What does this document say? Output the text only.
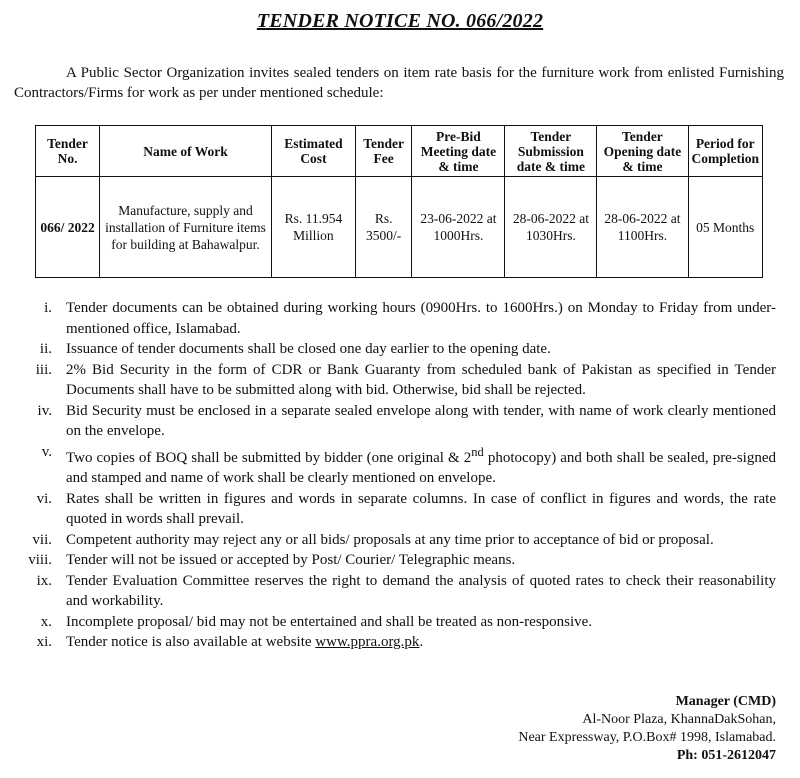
TENDER NOTICE NO. 066/2022
A Public Sector Organization invites sealed tenders on item rate basis for the furniture work from enlisted Furnishing Contractors/Firms for work as per under mentioned schedule:
Tender No.	Name of Work	Estimated Cost	Tender Fee	Pre-Bid Meeting date & time	Tender Submission date & time	Tender Opening date & time	Period for Completion
066/ 2022	Manufacture, supply and installation of Furniture items for building at Bahawalpur.	Rs. 11.954 Million	Rs. 3500/-	23-06-2022 at 1000Hrs.	28-06-2022 at 1030Hrs.	28-06-2022 at 1100Hrs.	05 Months
i. Tender documents can be obtained during working hours (0900Hrs. to 1600Hrs.) on Monday to Friday from under- mentioned office, Islamabad.
ii. Issuance of tender documents shall be closed one day earlier to the opening date.
iii. 2% Bid Security in the form of CDR or Bank Guaranty from scheduled bank of Pakistan as specified in Tender Documents shall have to be submitted along with bid. Otherwise, bid shall be rejected.
iv. Bid Security must be enclosed in a separate sealed envelope along with tender, with name of work clearly mentioned on the envelope.
v. Two copies of BOQ shall be submitted by bidder (one original & 2nd photocopy) and both shall be sealed, pre-signed and stamped and name of work shall be clearly mentioned on envelope.
vi. Rates shall be written in figures and words in separate columns. In case of conflict in figures and words, the rate quoted in words shall prevail.
vii. Competent authority may reject any or all bids/ proposals at any time prior to acceptance of bid or proposal.
viii. Tender will not be issued or accepted by Post/ Courier/ Telegraphic means.
ix. Tender Evaluation Committee reserves the right to demand the analysis of quoted rates to check their reasonability and workability.
x. Incomplete proposal/ bid may not be entertained and shall be treated as non-responsive.
xi. Tender notice is also available at website www.ppra.org.pk.
Manager (CMD)
Al-Noor Plaza, KhannaDakSohan,
Near Expressway, P.O.Box# 1998, Islamabad.
Ph: 051-2612047
